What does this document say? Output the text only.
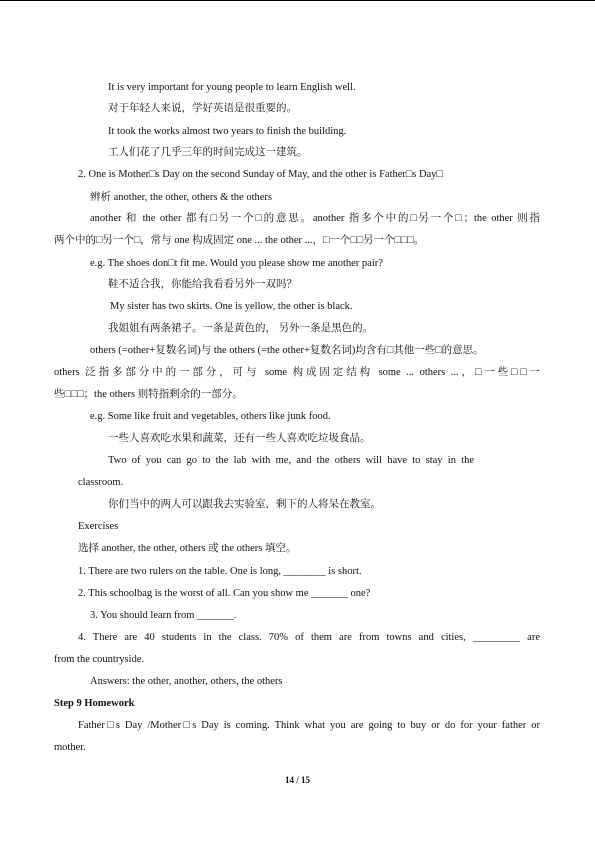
It is very important for young people to learn English well.
对于年轻人来说，学好英语是很重要的。
It took the works almost two years to finish the building.
工人们花了几乎三年的时间完成这一建筑。
2. One is Mother□s Day on the second Sunday of May, and the other is Father□s Day□
辨析 another, the other, others & the others
another 和 the other 都有□另一个□的意思。another 指多个中的□另一个□；the other 则指
两个中的□另一个□，常与 one 构成固定 one ... the other ...，□一个□□另一个□□□。
e.g. The shoes don□t fit me. Would you please show me another pair?
鞋不适合我，你能给我看看另外一双吗？
My sister has two skirts. One is yellow, the other is black.
我姐姐有两条裙子。一条是黄色的， 另外一条是黑色的。
others (=other+复数名词)与 the others (=the other+复数名词)均含有□其他一些□的意思。
others 泛指多部分中的一部分，可与 some 构成固定结构 some ... others ...，□一些□□一
些□□□；the others 则特指剩余的一部分。
e.g. Some like fruit and vegetables, others like junk food.
一些人喜欢吃水果和蔬菜，还有一些人喜欢吃垃圾食品。
Two of you can go to the lab with me, and the others will have to stay in the
classroom.
你们当中的两人可以跟我去实验室，剩下的人将呆在教室。
Exercises
选择 another, the other, others 或 the others 填空。
1. There are two rulers on the table. One is long, ________ is short.
2. This schoolbag is the worst of all. Can you show me _______ one?
3. You should learn from _______.
4. There are 40 students in the class. 70% of them are from towns and cities, _________ are
from the countryside.
Answers: the other, another, others, the others
Step 9 Homework
Father□s Day /Mother□s Day is coming. Think what you are going to buy or do for your father or
mother.
14 / 15
